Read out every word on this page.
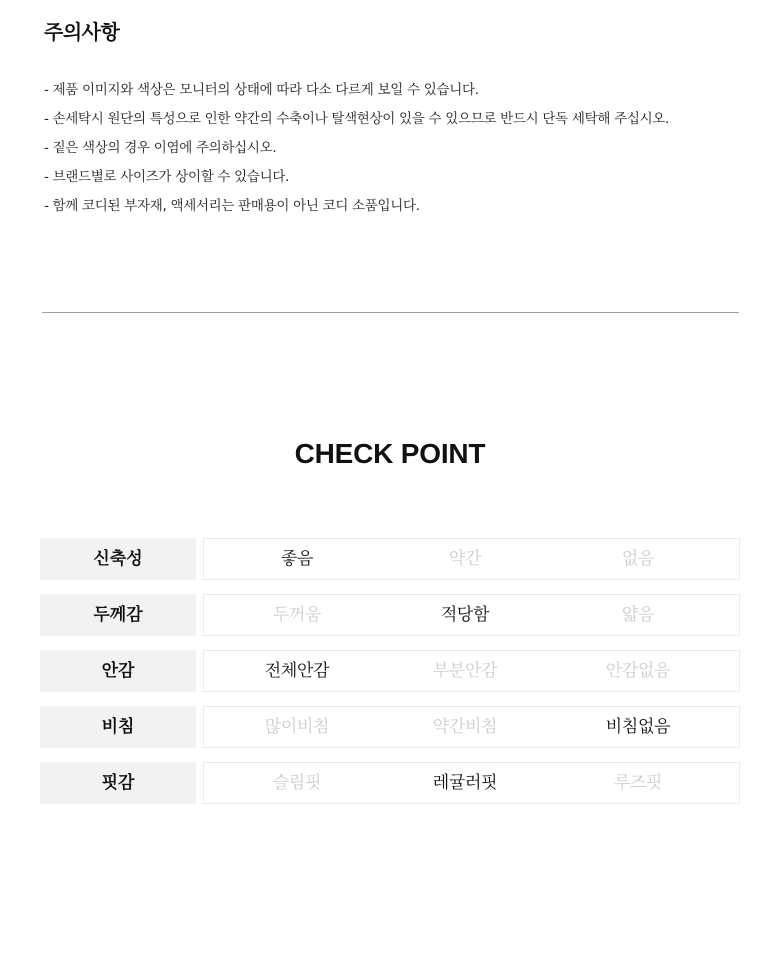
주의사항
- 제품 이미지와 색상은 모니터의 상태에 따라 다소 다르게 보일 수 있습니다.
- 손세탁시 원단의 특성으로 인한 약간의 수축이나 탈색현상이 있을 수 있으므로 반드시 단독 세탁해 주십시오.
- 짙은 색상의 경우 이염에 주의하십시오.
- 브랜드별로 사이즈가 상이할 수 있습니다.
- 함께 코디된 부자재, 액세서리는 판매용이 아닌 코디 소품입니다.
CHECK POINT
신축성	좋음	약간	없음
두께감	두꺼움	적당함	얇음
안감	전체안감	부분안감	안감없음
비침	많이비침	약간비침	비침없음
핏감	슬림핏	레귤러핏	루즈핏
